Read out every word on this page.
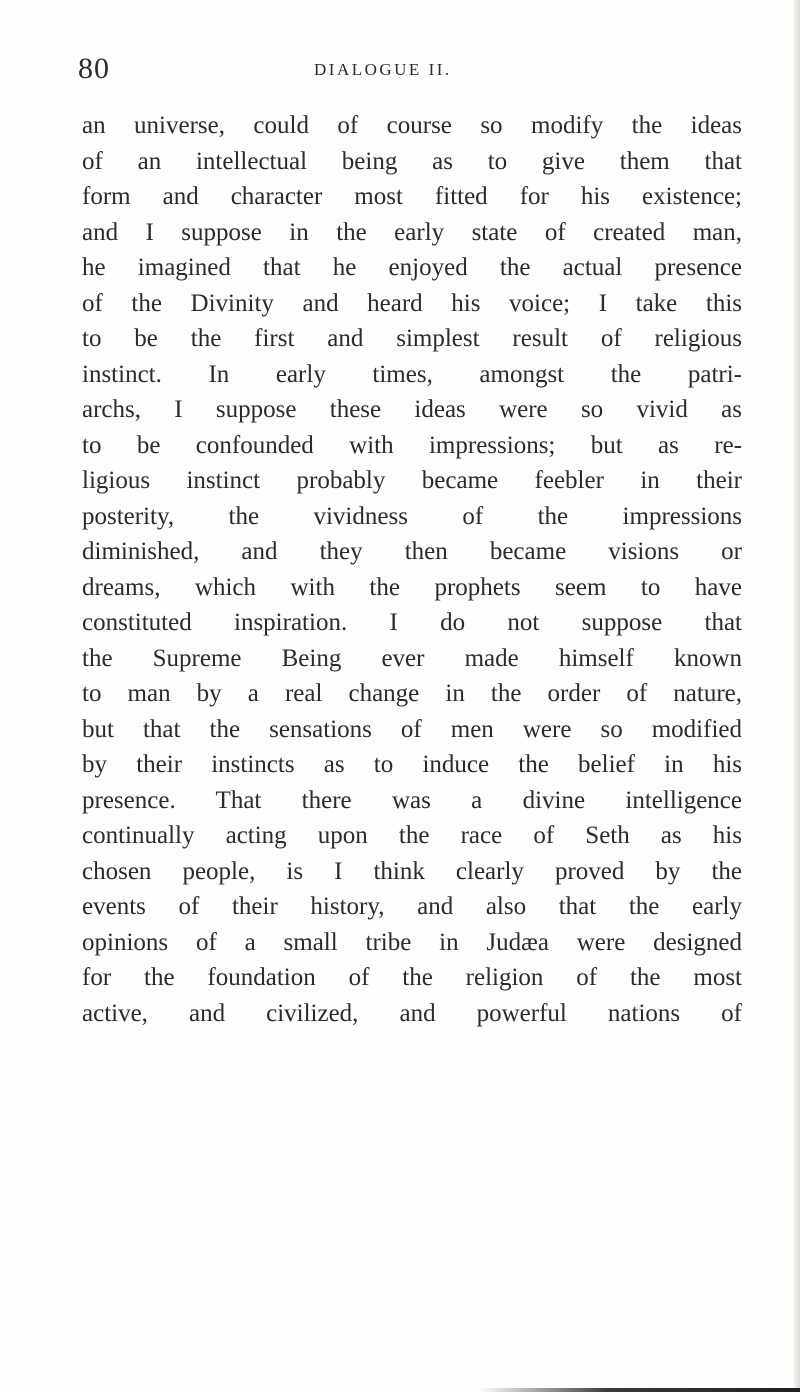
80	DIALOGUE II.
an universe, could of course so modify the ideas
of an intellectual being as to give them that
form and character most fitted for his existence;
and I suppose in the early state of created man,
he imagined that he enjoyed the actual presence
of the Divinity and heard his voice; I take this
to be the first and simplest result of religious
instinct. In early times, amongst the patri-
archs, I suppose these ideas were so vivid as
to be confounded with impressions; but as re-
ligious instinct probably became feebler in their
posterity, the vividness of the impressions
diminished, and they then became visions or
dreams, which with the prophets seem to have
constituted inspiration. I do not suppose that
the Supreme Being ever made himself known
to man by a real change in the order of nature,
but that the sensations of men were so modified
by their instincts as to induce the belief in his
presence. That there was a divine intelligence
continually acting upon the race of Seth as his
chosen people, is I think clearly proved by the
events of their history, and also that the early
opinions of a small tribe in Judæa were designed
for the foundation of the religion of the most
active, and civilized, and powerful nations of
